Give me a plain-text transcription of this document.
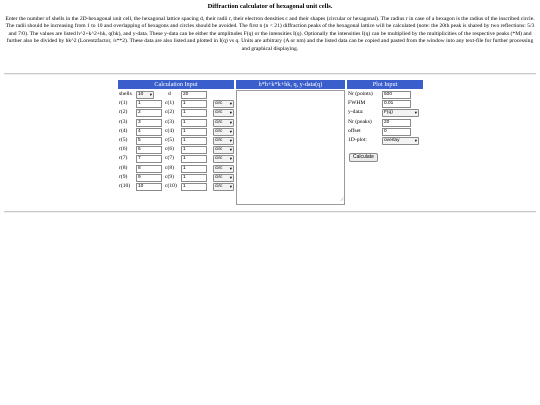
Diffraction calculator of hexagonal unit cells.
Enter the number of shells in the 2D-hexagonal unit cell, the hexagonal lattice spacing d, their radii r, their electron densities c and their shapes (circular or hexagonal). The radius r in case of a hexagon is the radius of the inscribed circle. The radii should be increasing from 1 to 10 and overlapping of hexagons and circles should be avoided. The first n (n < 21) diffraction peaks of the hexagonal lattice will be calculated (note: the 20th peak is shared by two reflections: 5/3 and 7/0). The values are listed h^2+k^2+hk, q(hk), and y-data. These y-data can be either the amplitudes F(q) or the intensities I(q). Optionally the intensities I(q) can be multiplied by the multiplicities of the respective peaks (*M) and further also be divided by hk^2 (Lorentzfactor, /s**2). These data are also listed and plotted in I(q) vs q. Units are arbitrary (A or nm) and the listed data can be copied and pasted from the window into any text-file for further processing and graphical displaying.
Calculation Input	h*h+k*k+hk, q, y-data(q)	Plot Input
shells	10 ▾	d	20
r(1)	1	c(1)	1	circ ▾
r(2)	2	c(2)	1	circ ▾
r(3)	3	c(3)	1	circ ▾
r(4)	4	c(4)	1	circ ▾
r(5)	5	c(5)	1	circ ▾
r(6)	6	c(6)	1	circ ▾
r(7)	7	c(7)	1	circ ▾
r(8)	8	c(8)	1	circ ▾
r(9)	9	c(9)	1	circ ▾
r(10)	10	c(10)	1	circ ▾
∕∕
Nr (points)	500
FWHM	0.01
y-data:	F(q)	▾
Nr (peaks)	20
offset	0
1D-plot:	overlay	▾
Calculate
